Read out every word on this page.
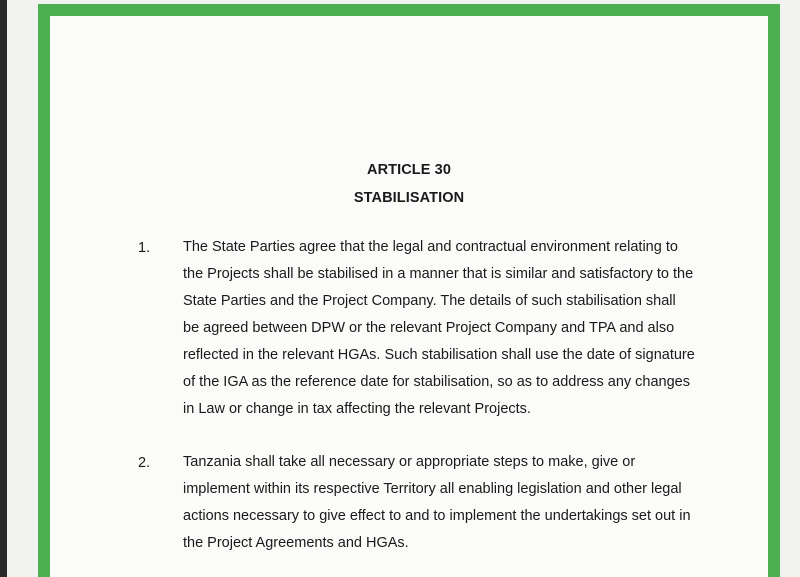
ARTICLE 30
STABILISATION
1. The State Parties agree that the legal and contractual environment relating to
the Projects shall be stabilised in a manner that is similar and satisfactory to the
State Parties and the Project Company. The details of such stabilisation shall
be agreed between DPW or the relevant Project Company and TPA and also
reflected in the relevant HGAs. Such stabilisation shall use the date of signature
of the IGA as the reference date for stabilisation, so as to address any changes
in Law or change in tax affecting the relevant Projects.
2. Tanzania shall take all necessary or appropriate steps to make, give or
implement within its respective Territory all enabling legislation and other legal
actions necessary to give effect to and to implement the undertakings set out in
the Project Agreements and HGAs.
